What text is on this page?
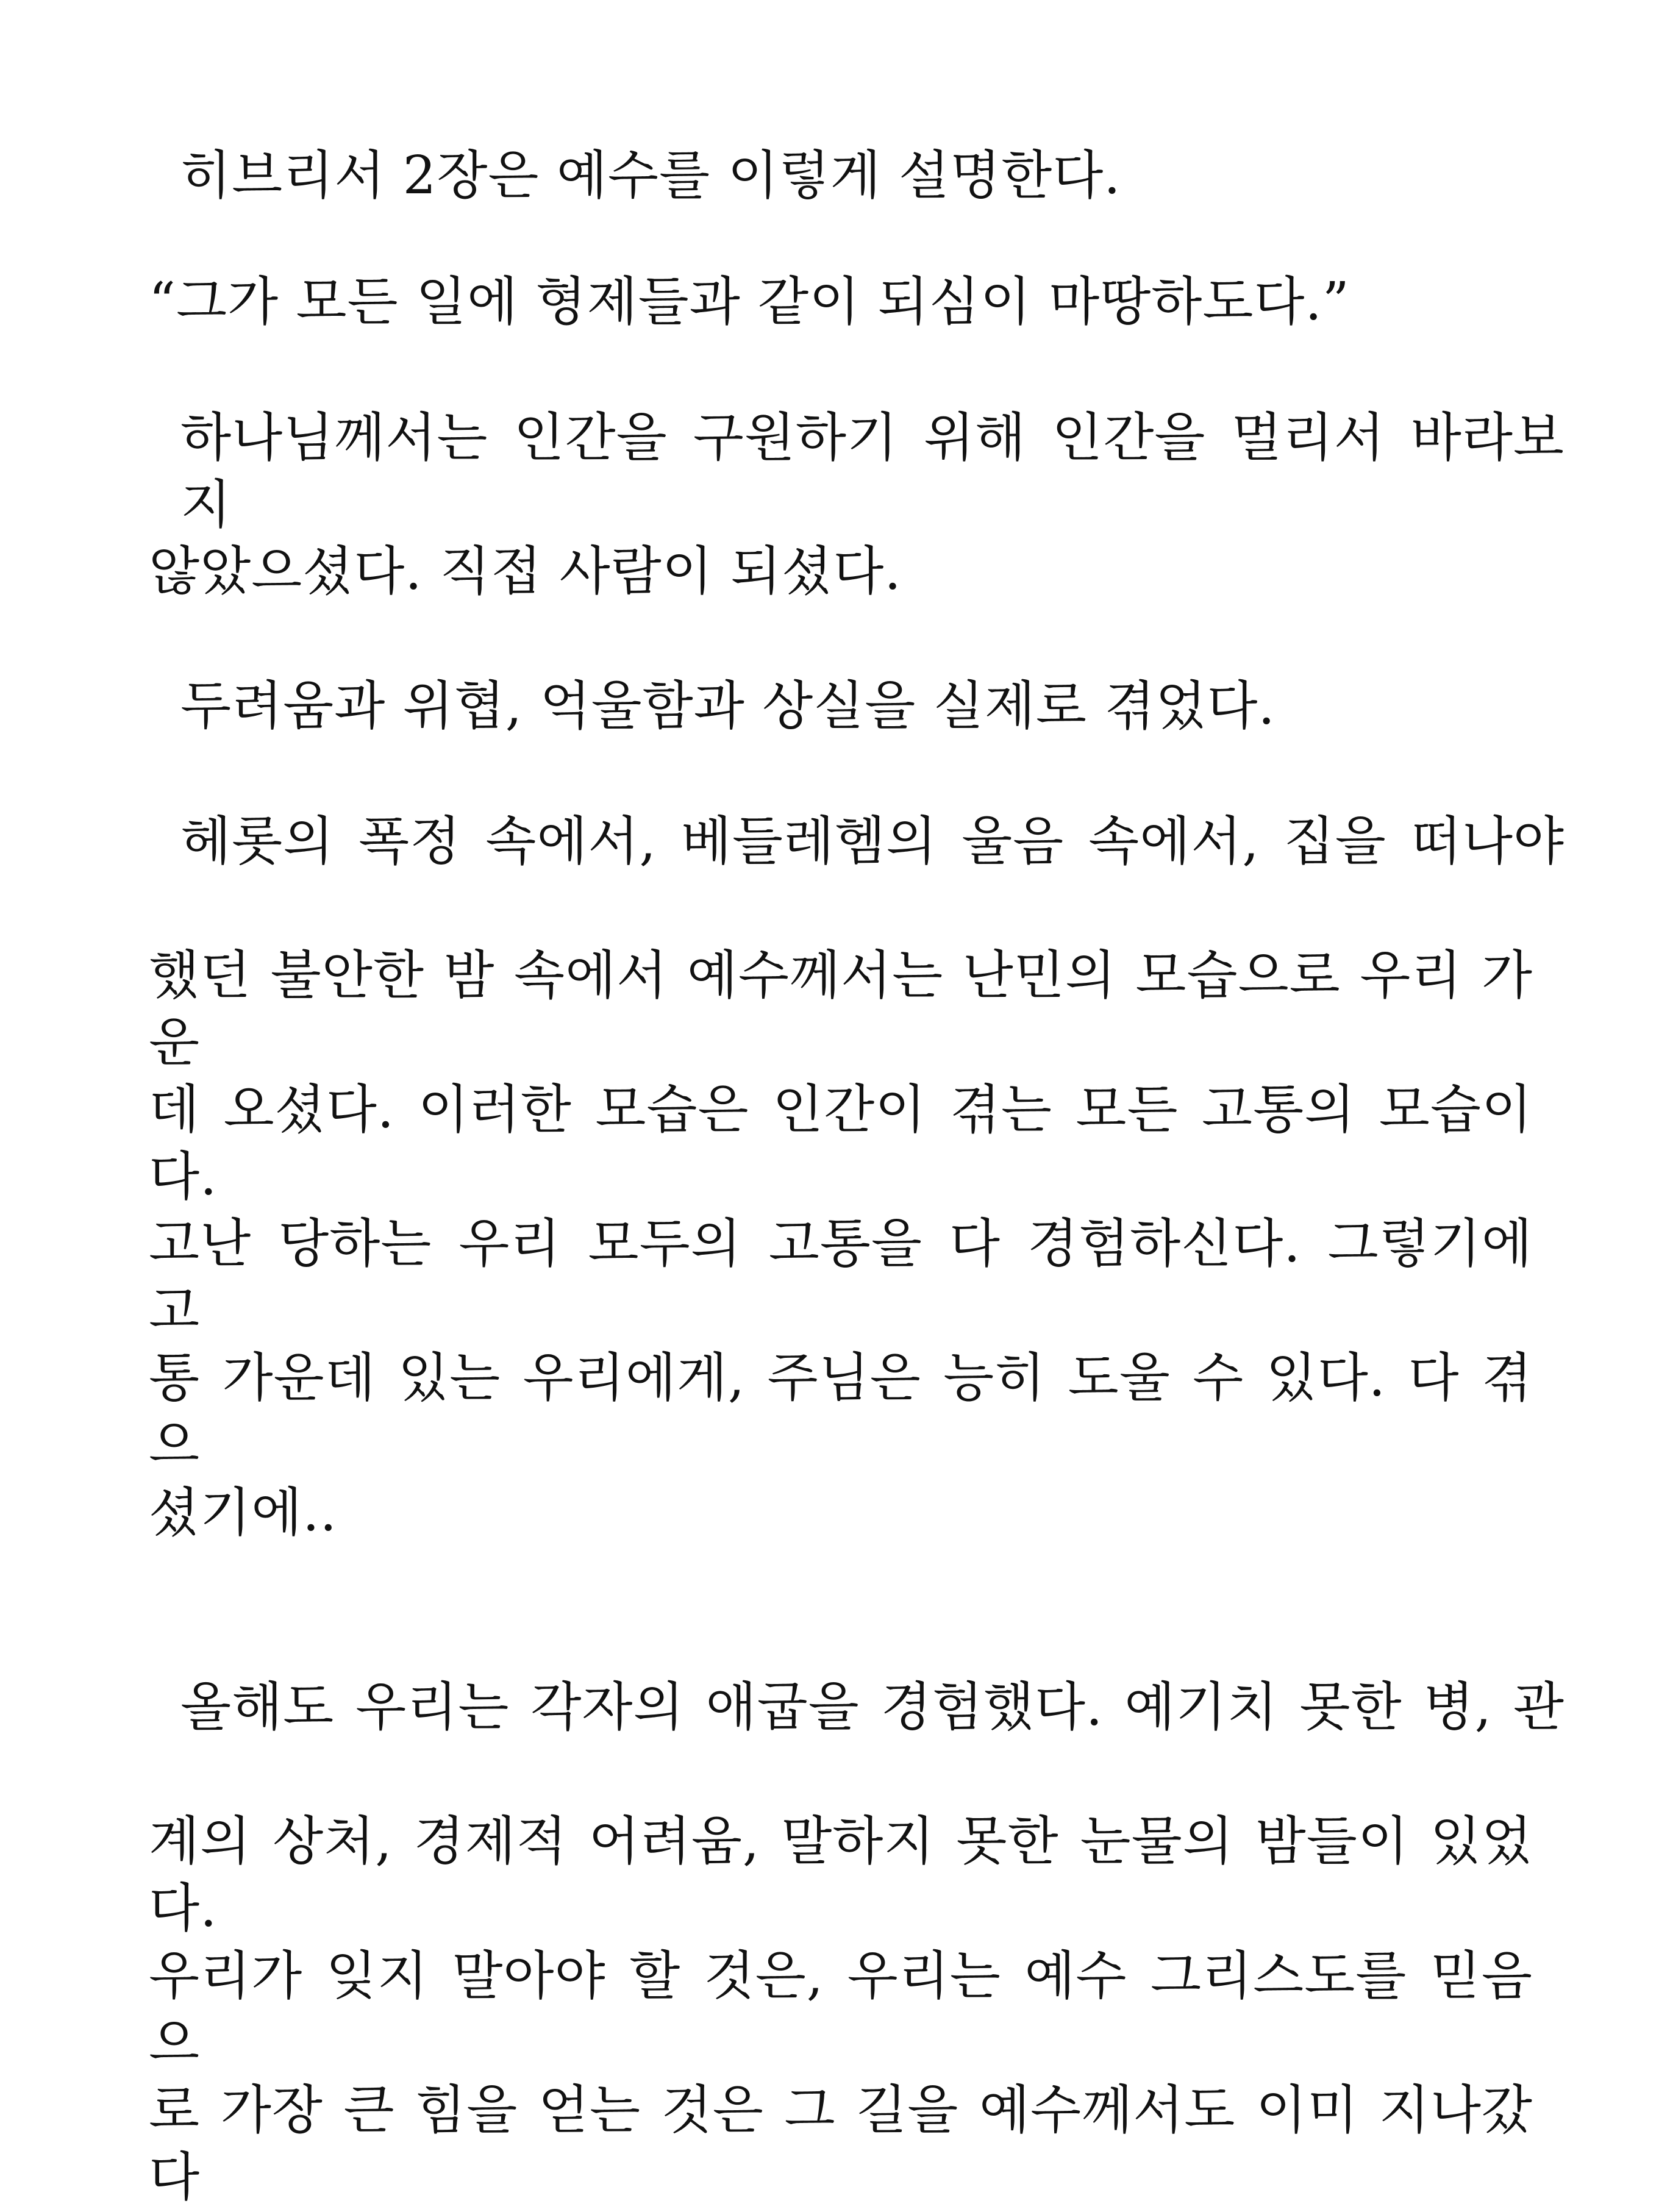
히브리서 2장은 예수를 이렇게 설명한다.
“그가 모든 일에 형제들과 같이 되심이 마땅하도다.”
하나님께서는 인간을 구원하기 위해 인간을 멀리서 바라보지
않았으셨다. 직접 사람이 되셨다.
두려움과 위협, 억울함과 상실을 실제로 겪었다.
헤롯의 폭정 속에서, 베들레헴의 울음 속에서, 집을 떠나야
했던 불안한 밤 속에서 예수께서는 난민의 모습으로 우리 가운
데 오셨다. 이러한 모습은 인간이 겪는 모든 고통의 모습이다.
고난 당하는 우리 모두의 고통을 다 경험하신다. 그렇기에 고
통 가운데 있는 우리에게, 주님은 능히 도울 수 있다. 다 겪으
셨기에..
올해도 우리는 각자의 애굽을 경험했다. 예기치 못한 병, 관
계의 상처, 경제적 어려움, 말하지 못한 눈물의 밤들이 있었다.
우리가 잊지 말아야 할 것은, 우리는 예수 그리스도를 믿음으
로 가장 큰 힘을 얻는 것은 그 길을 예수께서도 이미 지나갔다
